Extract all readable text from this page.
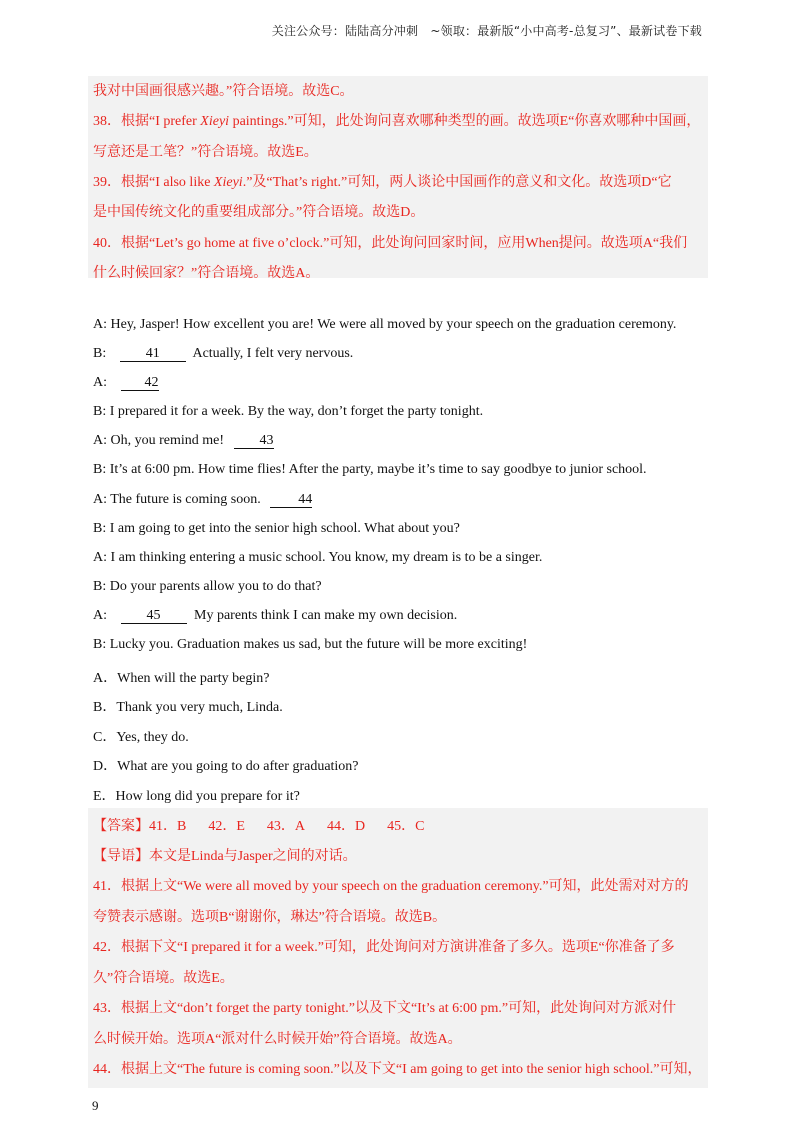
关注公众号：陆陆高分冲刺　~领取：最新版“小中高考-总复习”、最新试卷下载
我对中国画很感兴趣。”符合语境。故选C。
38．根据“I prefer Xieyi paintings.”可知，此处询问喜欢哪种类型的画。故选项E“你喜欢哪种中国画，
写意还是工笔？”符合语境。故选E。
39．根据“I also like Xieyi.”及“That’s right.”可知，两人谈论中国画作的意义和文化。故选项D“它
是中国传统文化的重要组成部分。”符合语境。故选D。
40．根据“Let’s go home at five o’clock.”可知，此处询问回家时间，应用When提问。故选项A“我们
什么时候回家？”符合语境。故选A。
A: Hey, Jasper! How excellent you are! We were all moved by your speech on the graduation ceremony.
B:	41 Actually, I felt very nervous.
A:	42
B: I prepared it for a week. By the way, don’t forget the party tonight.
A: Oh, you remind me!	43
B: It’s at 6:00 pm. How time flies! After the party, maybe it’s time to say goodbye to junior school.
A: The future is coming soon.	44
B: I am going to get into the senior high school. What about you?
A: I am thinking entering a music school. You know, my dream is to be a singer.
B: Do your parents allow you to do that?
A:	45 My parents think I can make my own decision.
B: Lucky you. Graduation makes us sad, but the future will be more exciting!
A．When will the party begin?
B．Thank you very much, Linda.
C．Yes, they do.
D．What are you going to do after graduation?
E．How long did you prepare for it?
【答案】41．B 42．E 43．A 44．D 45．C
【导语】本文是Linda与Jasper之间的对话。
41．根据上文“We were all moved by your speech on the graduation ceremony.”可知，此处需对对方的
夸赞表示感谢。选项B“谢谢你，琳达”符合语境。故选B。
42．根据下文“I prepared it for a week.”可知，此处询问对方演讲准备了多久。选项E“你准备了多
久”符合语境。故选E。
43．根据上文“don’t forget the party tonight.”以及下文“It’s at 6:00 pm.”可知，此处询问对方派对什
么时候开始。选项A“派对什么时候开始”符合语境。故选A。
44．根据上文“The future is coming soon.”以及下文“I am going to get into the senior high school.”可知，
9
